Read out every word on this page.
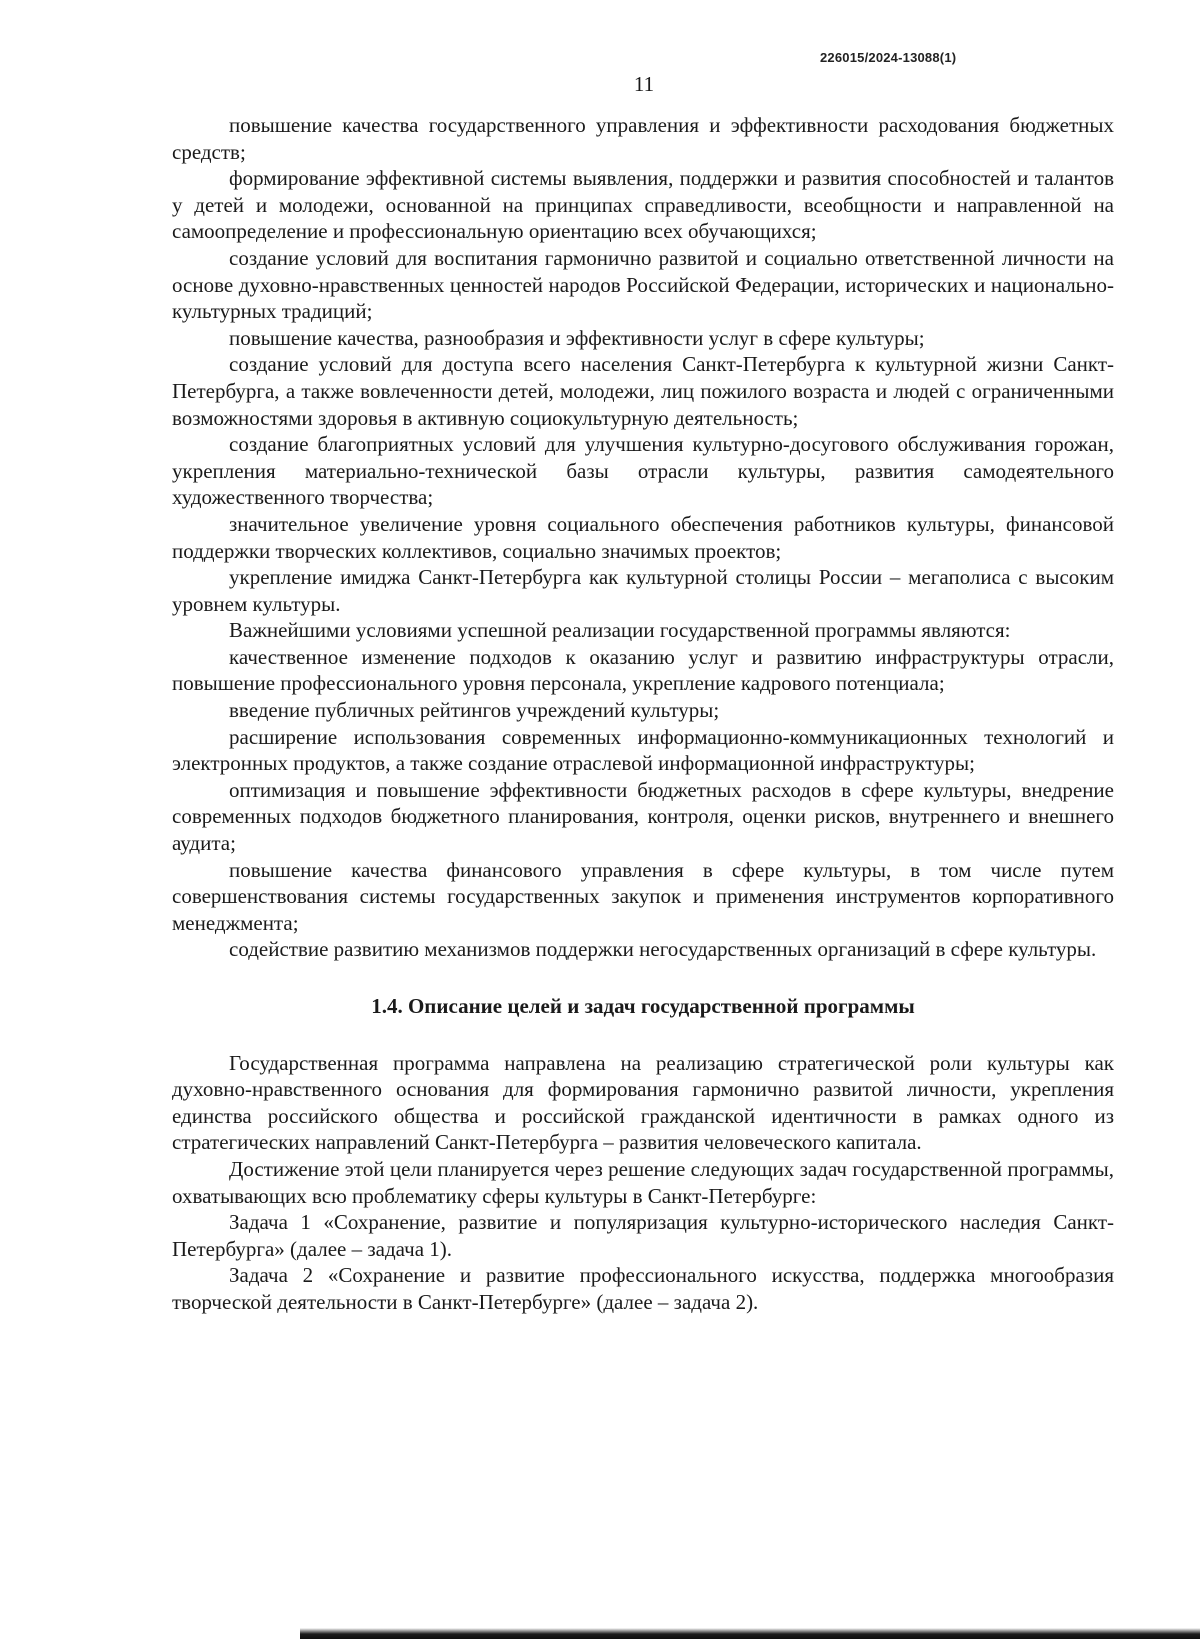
226015/2024-13088(1)
11

повышение качества государственного управления и эффективности расходования бюджетных средств;

формирование эффективной системы выявления, поддержки и развития способностей и талантов у детей и молодежи, основанной на принципах справедливости, всеобщности и направленной на самоопределение и профессиональную ориентацию всех обучающихся;

создание условий для воспитания гармонично развитой и социально ответственной личности на основе духовно-нравственных ценностей народов Российской Федерации, исторических и национально-культурных традиций;

повышение качества, разнообразия и эффективности услуг в сфере культуры;

создание условий для доступа всего населения Санкт-Петербурга к культурной жизни Санкт-Петербурга, а также вовлеченности детей, молодежи, лиц пожилого возраста и людей с ограниченными возможностями здоровья в активную социокультурную деятельность;

создание благоприятных условий для улучшения культурно-досугового обслуживания горожан, укрепления материально-технической базы отрасли культуры, развития самодеятельного художественного творчества;

значительное увеличение уровня социального обеспечения работников культуры, финансовой поддержки творческих коллективов, социально значимых проектов;

укрепление имиджа Санкт-Петербурга как культурной столицы России – мегаполиса с высоким уровнем культуры.

Важнейшими условиями успешной реализации государственной программы являются:

качественное изменение подходов к оказанию услуг и развитию инфраструктуры отрасли, повышение профессионального уровня персонала, укрепление кадрового потенциала;

введение публичных рейтингов учреждений культуры;

расширение использования современных информационно-коммуникационных технологий и электронных продуктов, а также создание отраслевой информационной инфраструктуры;

оптимизация и повышение эффективности бюджетных расходов в сфере культуры, внедрение современных подходов бюджетного планирования, контроля, оценки рисков, внутреннего и внешнего аудита;

повышение качества финансового управления в сфере культуры, в том числе путем совершенствования системы государственных закупок и применения инструментов корпоративного менеджмента;

содействие развитию механизмов поддержки негосударственных организаций в сфере культуры.

1.4. Описание целей и задач государственной программы

Государственная программа направлена на реализацию стратегической роли культуры как духовно-нравственного основания для формирования гармонично развитой личности, укрепления единства российского общества и российской гражданской идентичности в рамках одного из стратегических направлений Санкт-Петербурга – развития человеческого капитала.

Достижение этой цели планируется через решение следующих задач государственной программы, охватывающих всю проблематику сферы культуры в Санкт-Петербурге:

Задача 1 «Сохранение, развитие и популяризация культурно-исторического наследия Санкт-Петербурга» (далее – задача 1).

Задача 2 «Сохранение и развитие профессионального искусства, поддержка многообразия творческой деятельности в Санкт-Петербурге» (далее – задача 2).
